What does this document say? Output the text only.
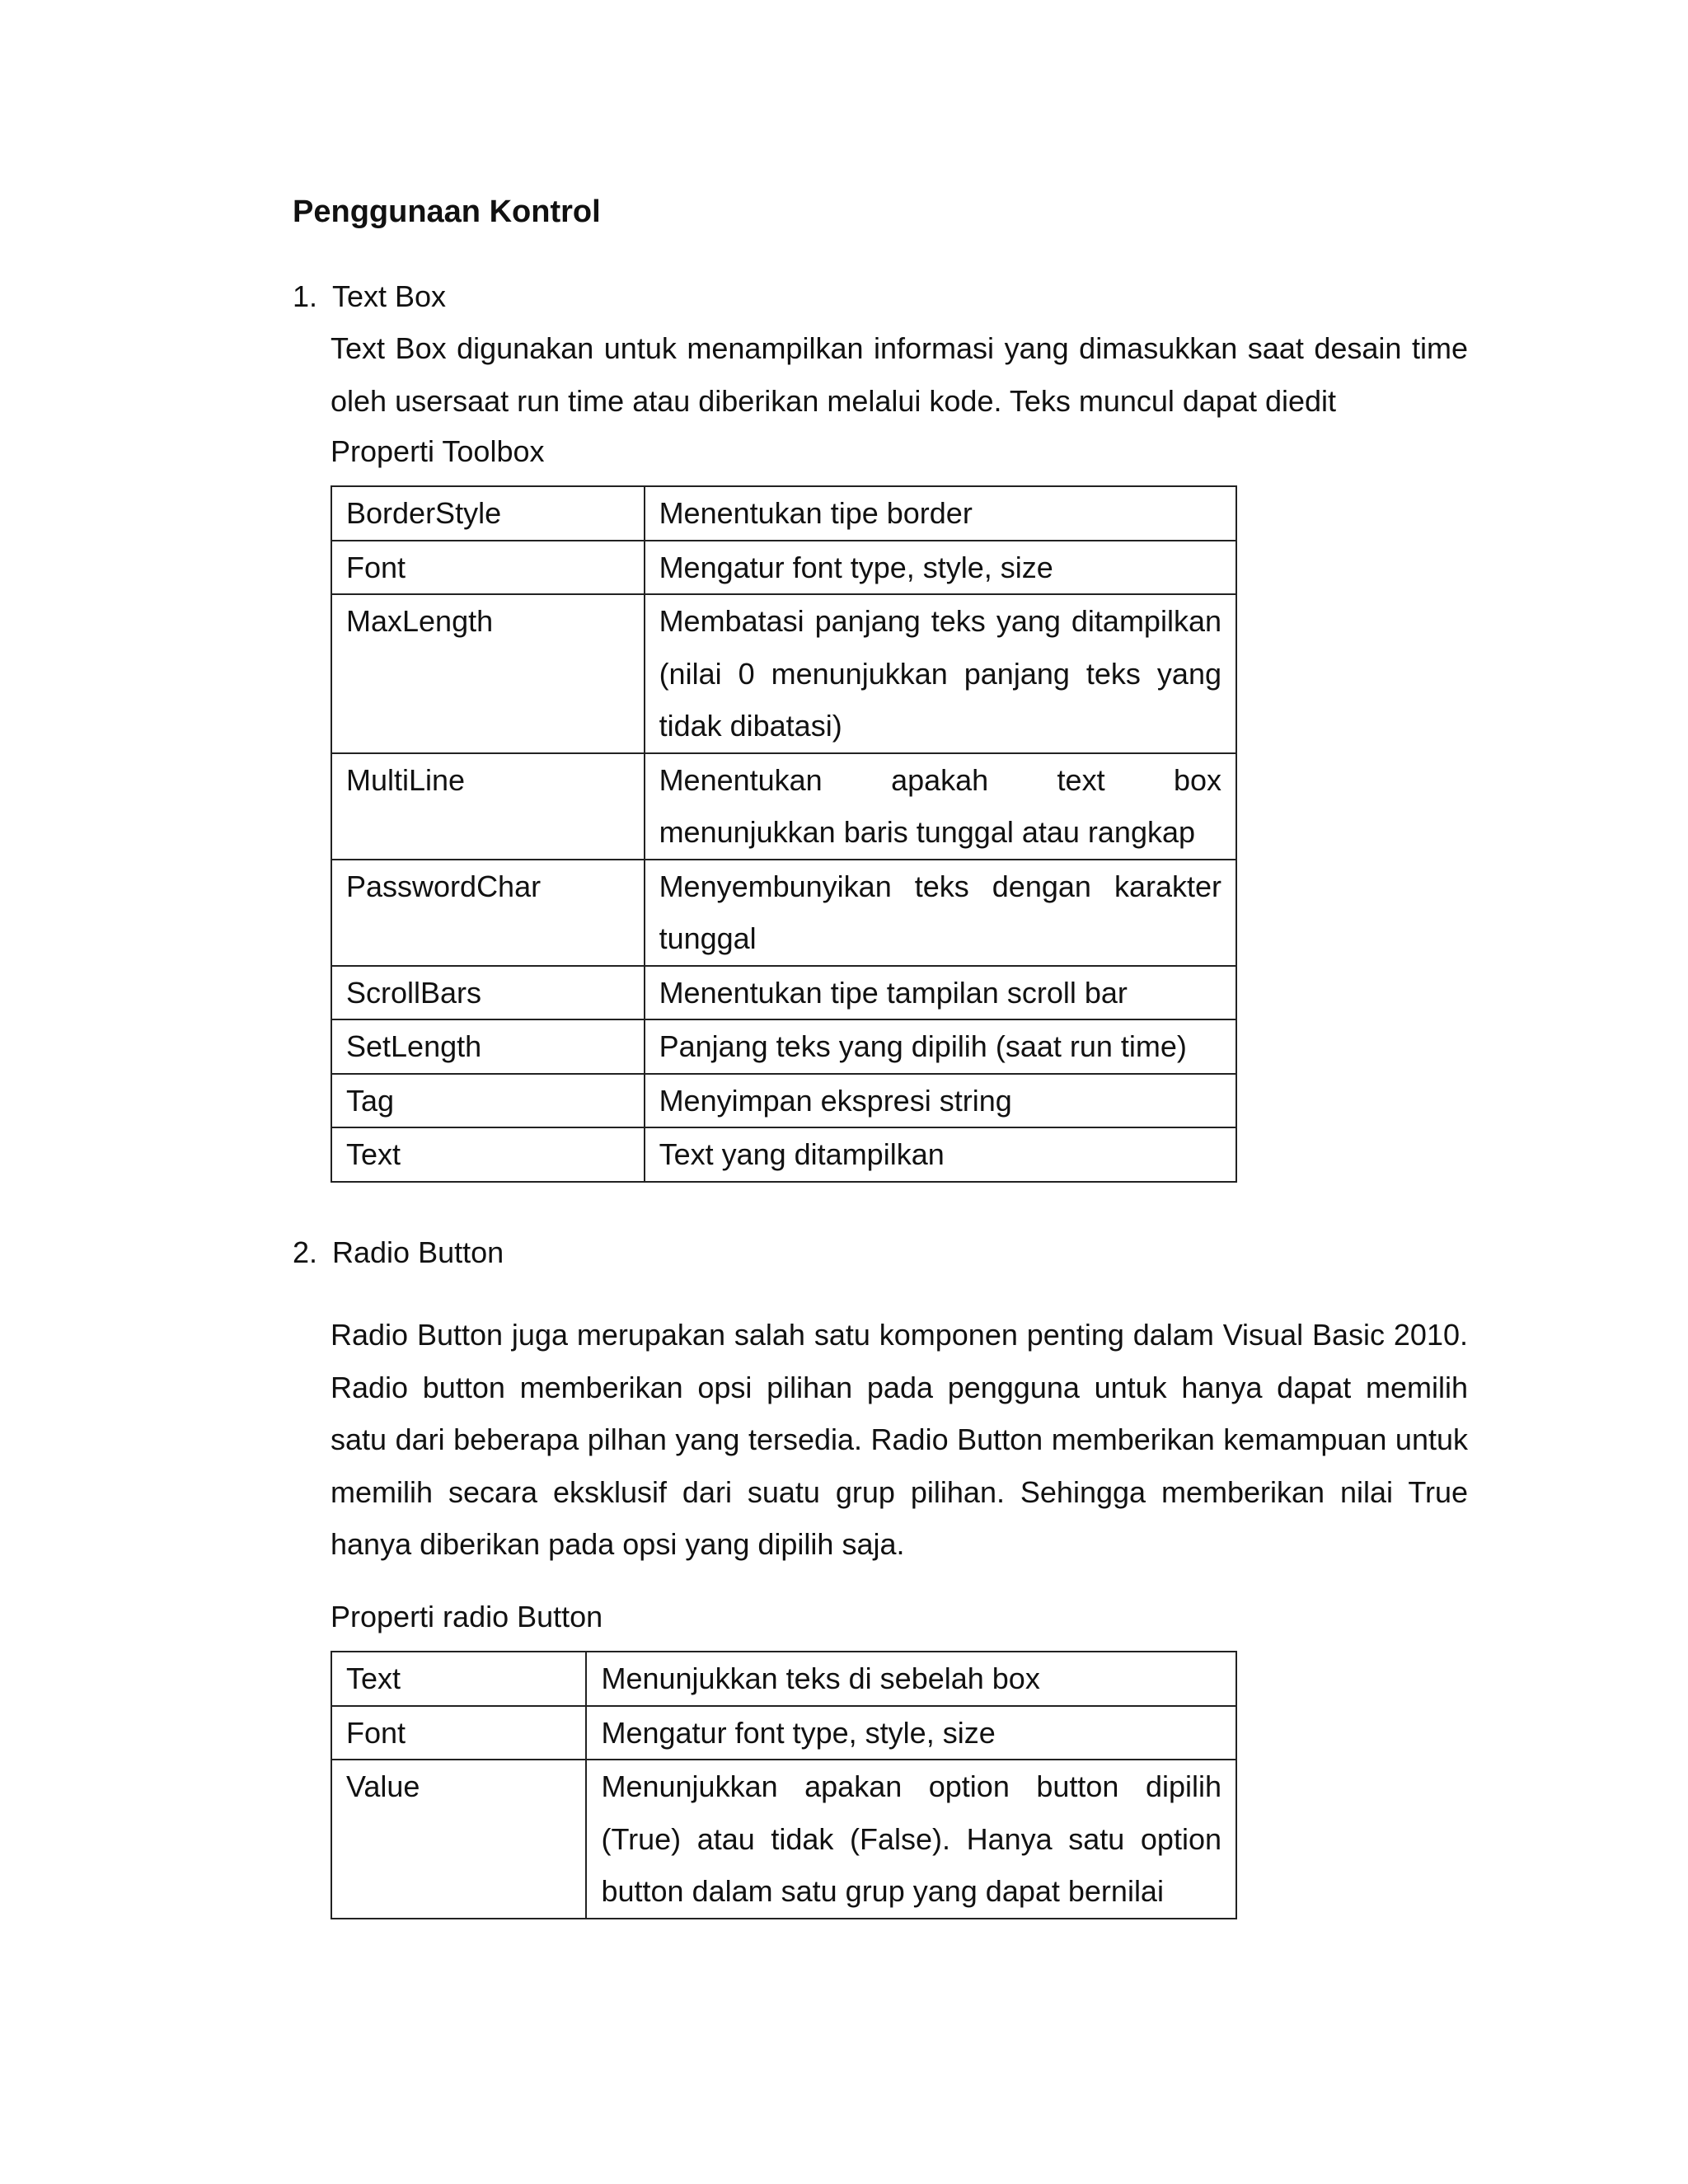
Penggunaan Kontrol
1. Text Box
Text Box digunakan untuk menampilkan informasi yang dimasukkan saat desain time oleh usersaat run time atau diberikan melalui kode. Teks muncul dapat diedit
Properti Toolbox
BorderStyle	Menentukan tipe border
Font	Mengatur font type, style, size
MaxLength	Membatasi panjang teks yang ditampilkan (nilai 0 menunjukkan panjang teks yang tidak dibatasi)
MultiLine	Menentukan apakah text box menunjukkan baris tunggal atau rangkap
PasswordChar	Menyembunyikan teks dengan karakter tunggal
ScrollBars	Menentukan tipe tampilan scroll bar
SetLength	Panjang teks yang dipilih (saat run time)
Tag	Menyimpan ekspresi string
Text	Text yang ditampilkan
2. Radio Button
Radio Button juga merupakan salah satu komponen penting dalam Visual Basic 2010. Radio button memberikan opsi pilihan pada pengguna untuk hanya dapat memilih satu dari beberapa pilhan yang tersedia. Radio Button memberikan kemampuan untuk memilih secara eksklusif dari suatu grup pilihan. Sehingga memberikan nilai True hanya diberikan pada opsi yang dipilih saja.
Properti radio Button
Text	Menunjukkan teks di sebelah box
Font	Mengatur font type, style, size
Value	Menunjukkan apakan option button dipilih (True) atau tidak (False). Hanya satu option button dalam satu grup yang dapat bernilai
